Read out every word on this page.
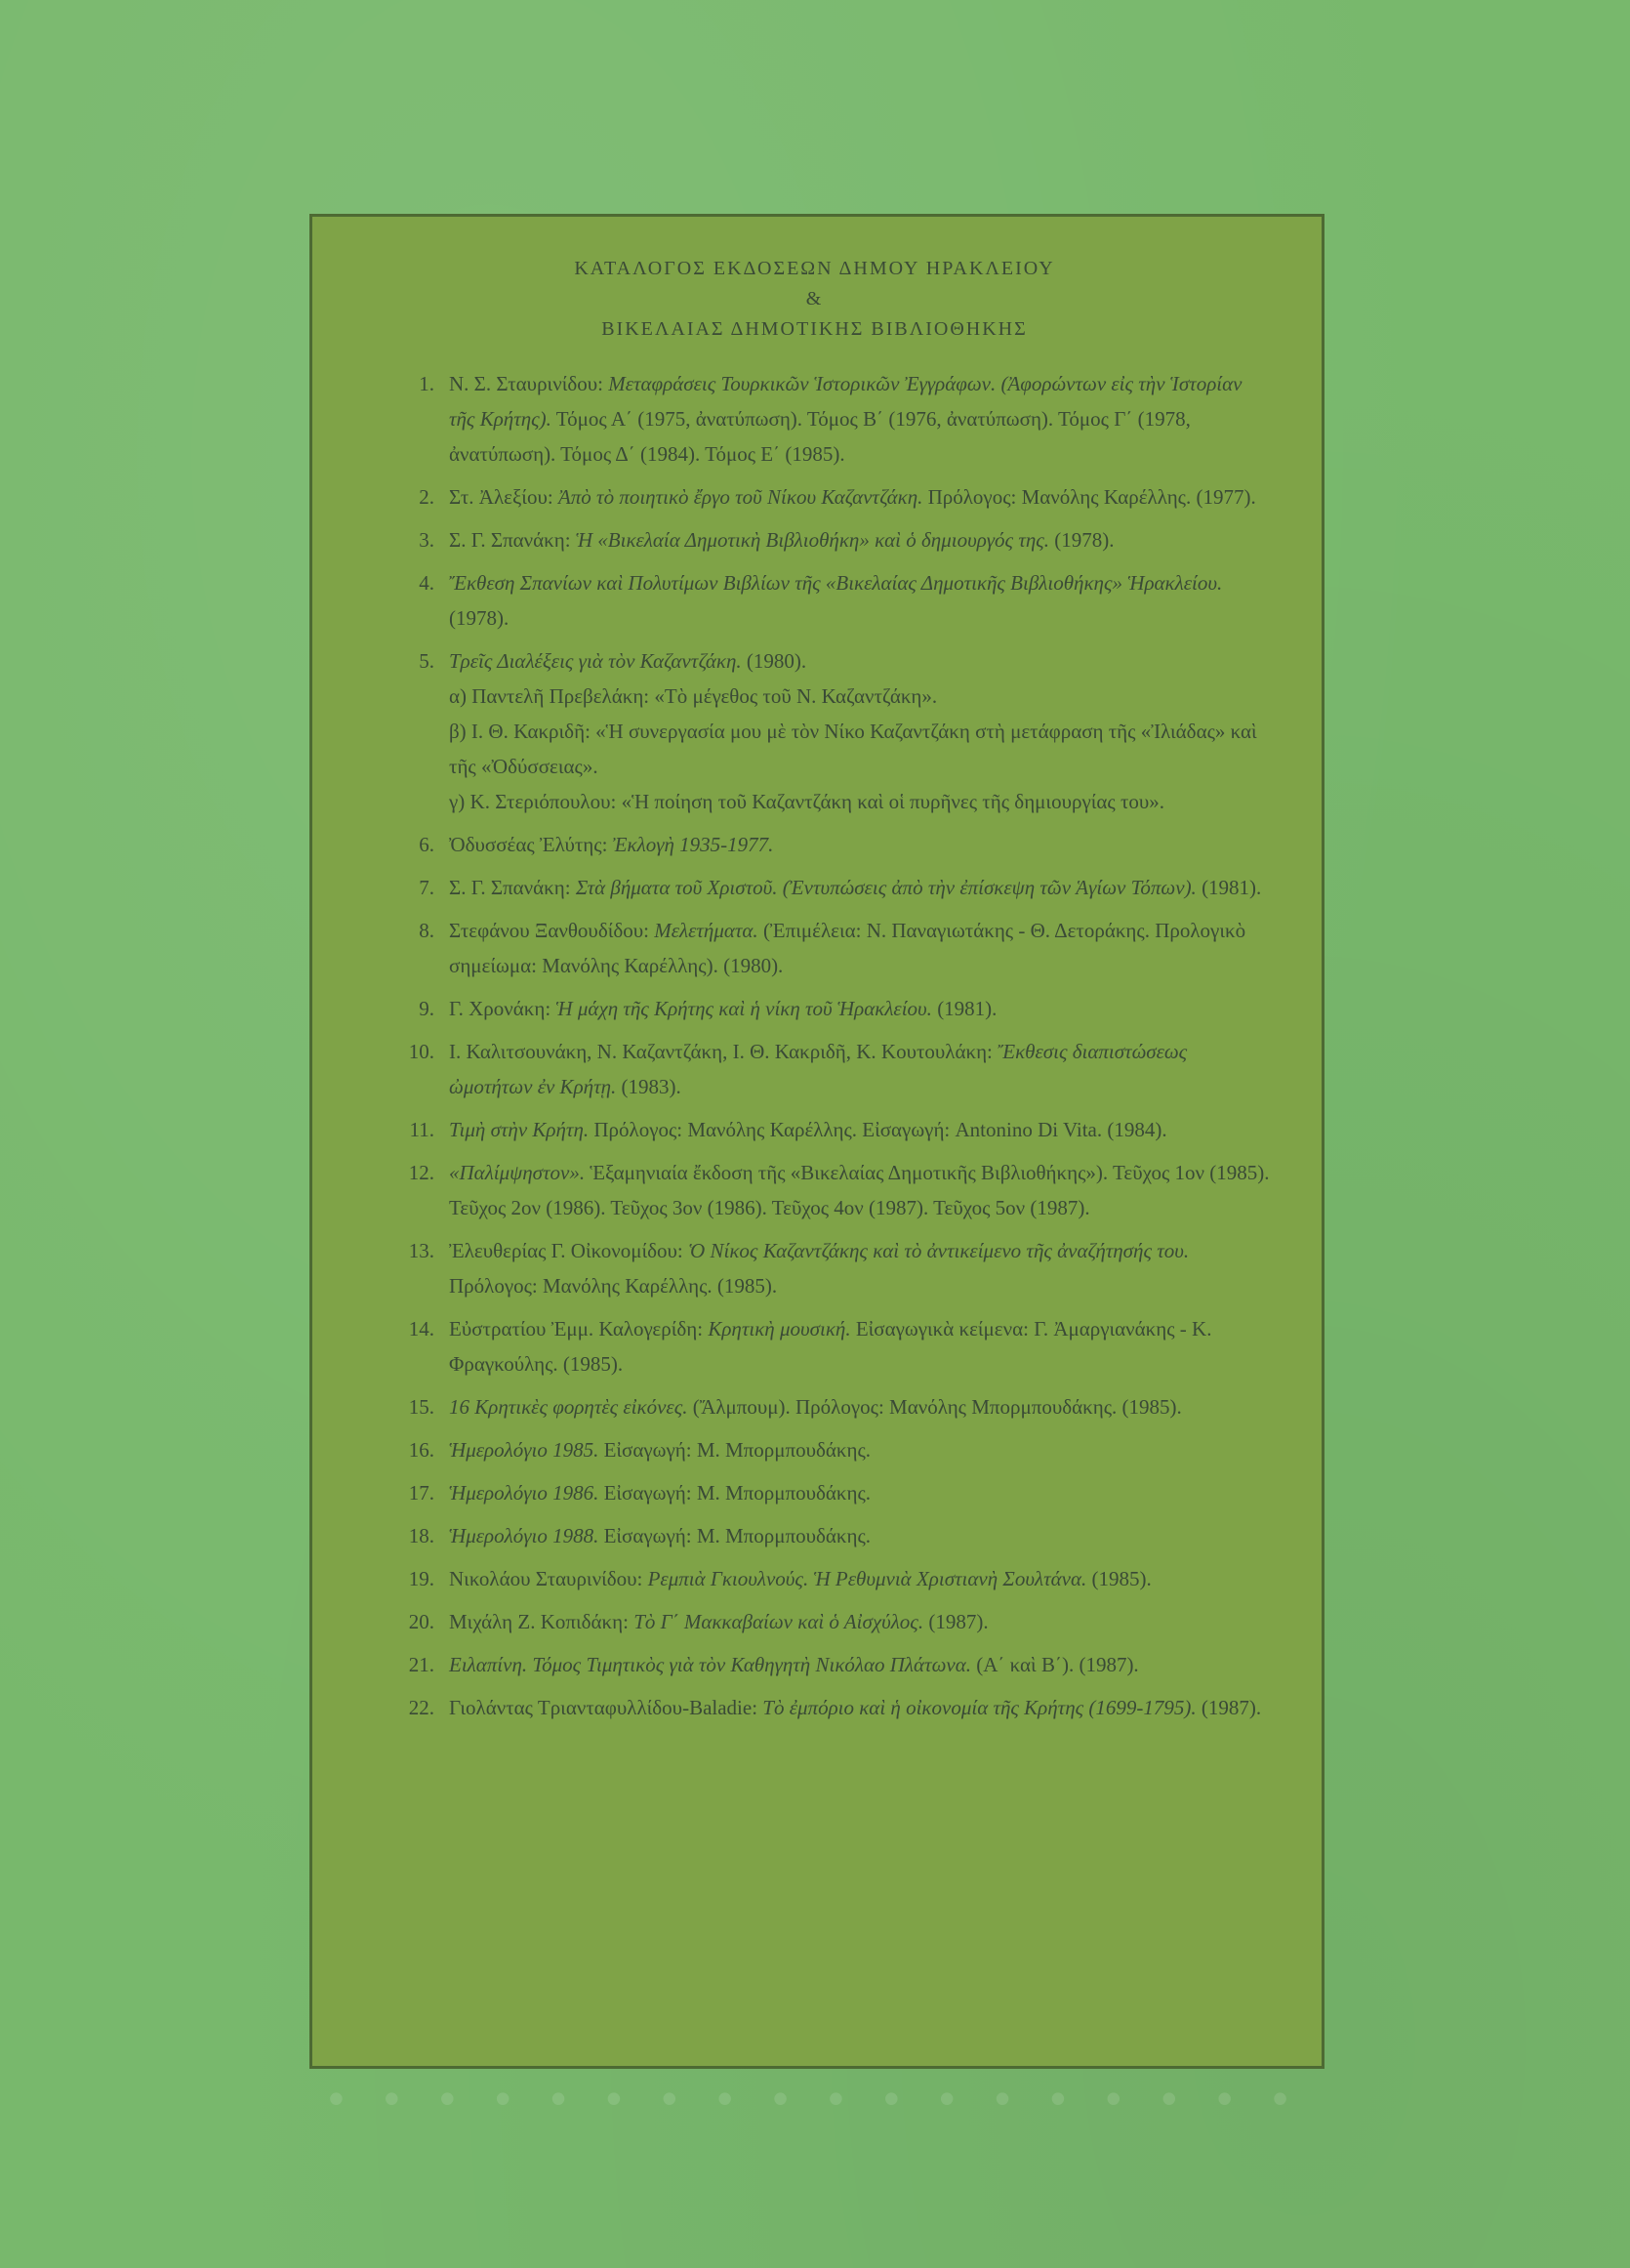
ΚΑΤΑΛΟΓΟΣ ΕΚΔΟΣΕΩΝ ΔΗΜΟΥ ΗΡΑΚΛΕΙΟΥ
&
ΒΙΚΕΛΑΙΑΣ ΔΗΜΟΤΙΚΗΣ ΒΙΒΛΙΟΘΗΚΗΣ
1. Ν. Σ. Σταυρινίδου: Μεταφράσεις Τουρκικῶν Ἱστορικῶν Ἐγγράφων. (Ἀφορώντων εἰς τὴν Ἱστορίαν τῆς Κρήτης). Τόμος Α΄ (1975, ἀνατύπωση). Τόμος Β΄ (1976, ἀνατύπωση). Τόμος Γ΄ (1978, ἀνατύπωση). Τόμος Δ΄ (1984). Τόμος Ε΄ (1985).
2. Στ. Ἀλεξίου: Ἀπὸ τὸ ποιητικὸ ἔργο τοῦ Νίκου Καζαντζάκη. Πρόλογος: Μανόλης Καρέλλης. (1977).
3. Σ. Γ. Σπανάκη: Ἡ «Βικελαία Δημοτικὴ Βιβλιοθήκη» καὶ ὁ δημιουργός της. (1978).
4. Ἔκθεση Σπανίων καὶ Πολυτίμων Βιβλίων τῆς «Βικελαίας Δημοτικῆς Βιβλιοθήκης» Ἡρακλείου. (1978).
5. Τρεῖς Διαλέξεις γιὰ τὸν Καζαντζάκη. (1980).
α) Παντελῆ Πρεβελάκη: «Τὸ μέγεθος τοῦ Ν. Καζαντζάκη».
β) Ι. Θ. Κακριδῆ: «Ἡ συνεργασία μου μὲ τὸν Νίκο Καζαντζάκη στὴ μετάφραση τῆς «Ἰλιάδας» καὶ τῆς «Ὀδύσσειας».
γ) Κ. Στεριόπουλου: «Ἡ ποίηση τοῦ Καζαντζάκη καὶ οἱ πυρῆνες τῆς δημιουργίας του».
6. Ὀδυσσέας Ἐλύτης: Ἐκλογὴ 1935-1977.
7. Σ. Γ. Σπανάκη: Στὰ βήματα τοῦ Χριστοῦ. (Ἐντυπώσεις ἀπὸ τὴν ἐπίσκεψη τῶν Ἁγίων Τόπων). (1981).
8. Στεφάνου Ξανθουδίδου: Μελετήματα. (Ἐπιμέλεια: Ν. Παναγιωτάκης - Θ. Δετοράκης. Προλογικὸ σημείωμα: Μανόλης Καρέλλης). (1980).
9. Γ. Χρονάκη: Ἡ μάχη τῆς Κρήτης καὶ ἡ νίκη τοῦ Ἡρακλείου. (1981).
10. Ι. Καλιτσουνάκη, Ν. Καζαντζάκη, Ι. Θ. Κακριδῆ, Κ. Κουτουλάκη: Ἔκθεσις διαπιστώσεως ὠμοτήτων ἐν Κρήτῃ. (1983).
11. Τιμὴ στὴν Κρήτη. Πρόλογος: Μανόλης Καρέλλης. Εἰσαγωγή: Antonino Di Vita. (1984).
12. «Παλίμψηστον». Ἑξαμηνιαία ἔκδοση τῆς «Βικελαίας Δημοτικῆς Βιβλιοθήκης»). Τεῦχος 1ον (1985). Τεῦχος 2ον (1986). Τεῦχος 3ον (1986). Τεῦχος 4ον (1987). Τεῦχος 5ον (1987).
13. Ἐλευθερίας Γ. Οἰκονομίδου: Ὁ Νίκος Καζαντζάκης καὶ τὸ ἀντικείμενο τῆς ἀναζήτησής του. Πρόλογος: Μανόλης Καρέλλης. (1985).
14. Εὐστρατίου Ἐμμ. Καλογερίδη: Κρητικὴ μουσική. Εἰσαγωγικὰ κείμενα: Γ. Ἀμαργιανάκης - Κ. Φραγκούλης. (1985).
15. 16 Κρητικὲς φορητὲς εἰκόνες. (Ἄλμπουμ). Πρόλογος: Μανόλης Μπορμπουδάκης. (1985).
16. Ἡμερολόγιο 1985. Εἰσαγωγή: Μ. Μπορμπουδάκης.
17. Ἡμερολόγιο 1986. Εἰσαγωγή: Μ. Μπορμπουδάκης.
18. Ἡμερολόγιο 1988. Εἰσαγωγή: Μ. Μπορμπουδάκης.
19. Νικολάου Σταυρινίδου: Ρεμπιὰ Γκιουλνούς. Ἡ Ρεθυμνιὰ Χριστιανὴ Σουλτάνα. (1985).
20. Μιχάλη Ζ. Κοπιδάκη: Τὸ Γ΄ Μακκαβαίων καὶ ὁ Αἰσχύλος. (1987).
21. Ειλαπίνη. Τόμος Τιμητικὸς γιὰ τὸν Καθηγητὴ Νικόλαο Πλάτωνα. (Α΄ καὶ Β΄). (1987).
22. Γιολάντας Τριανταφυλλίδου-Baladie: Τὸ ἐμπόριο καὶ ἡ οἰκονομία τῆς Κρήτης (1699-1795). (1987).
• • • • • • • • • • • • • • • • • •
